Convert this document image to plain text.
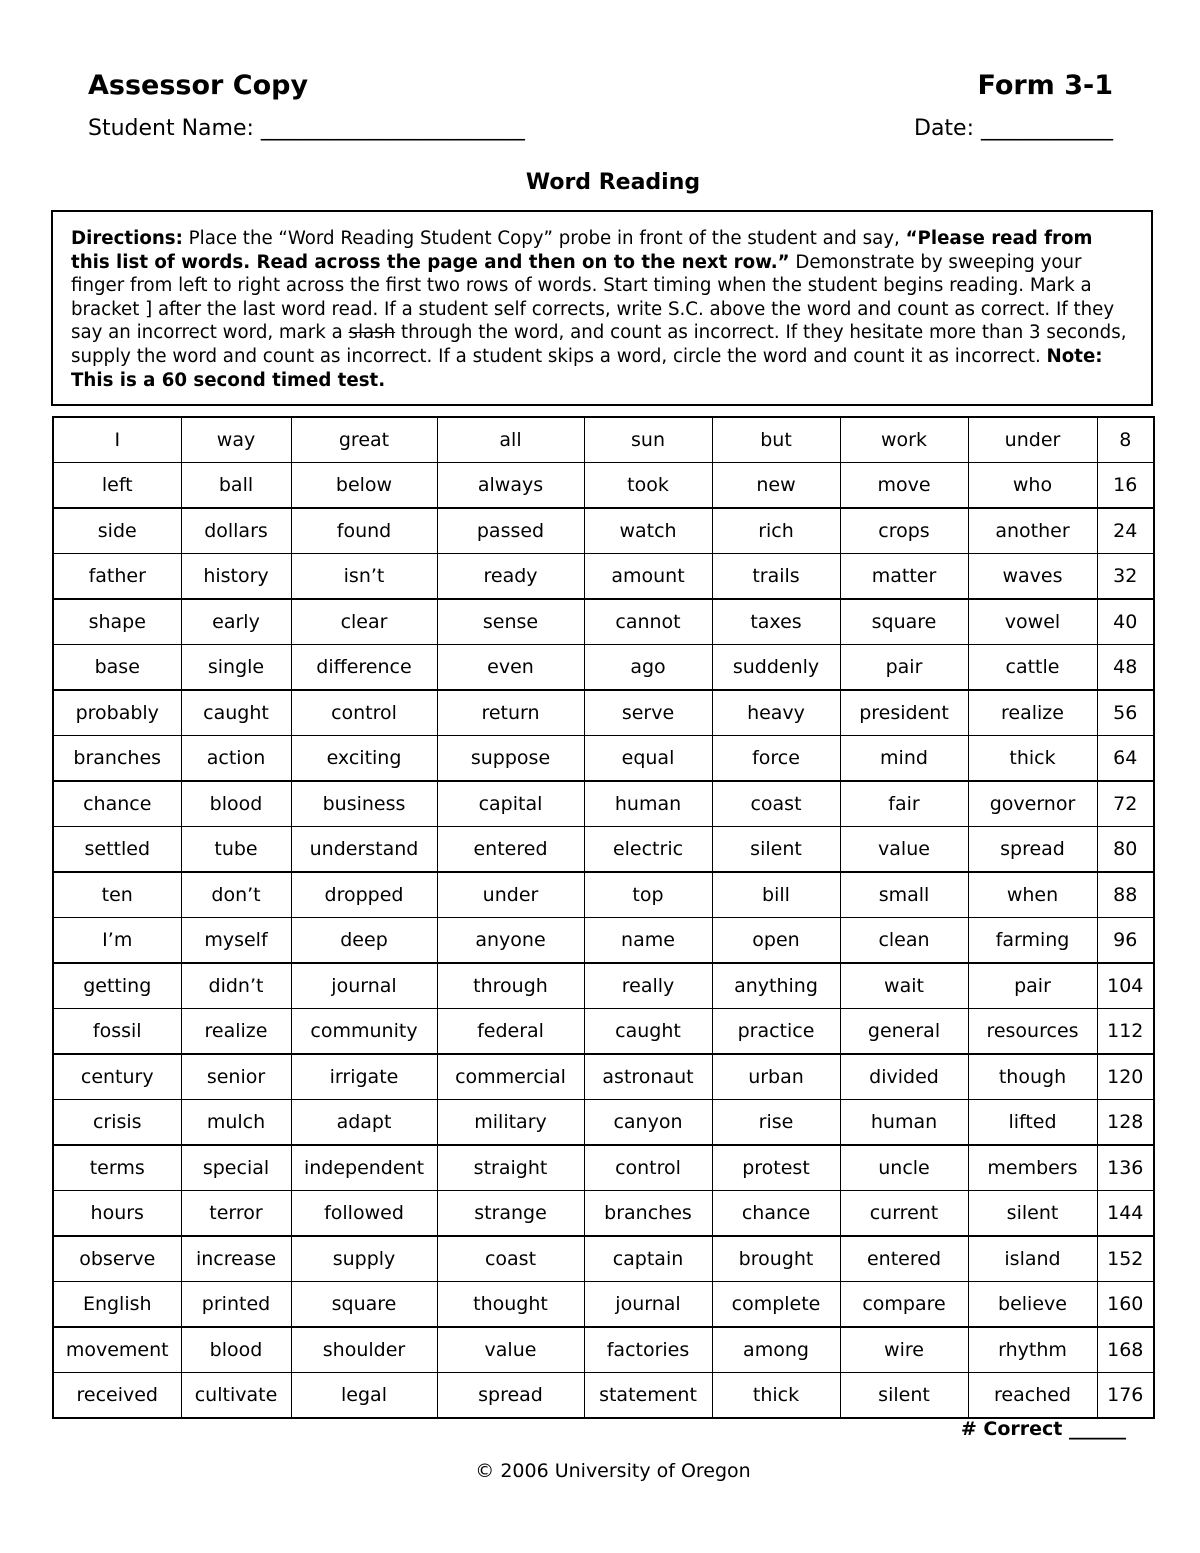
Assessor Copy	Form 3-1
Student Name: ________________________	Date: ____________
Word Reading
Directions: Place the “Word Reading Student Copy” probe in front of the student and say, “Please read from this list of words. Read across the page and then on to the next row.” Demonstrate by sweeping your finger from left to right across the first two rows of words. Start timing when the student begins reading. Mark a bracket ] after the last word read. If a student self corrects, write S.C. above the word and count as correct. If they say an incorrect word, mark a slash through the word, and count as incorrect. If they hesitate more than 3 seconds, supply the word and count as incorrect. If a student skips a word, circle the word and count it as incorrect. Note: This is a 60 second timed test.
I	way	great	all	sun	but	work	under	8
left	ball	below	always	took	new	move	who	16
side	dollars	found	passed	watch	rich	crops	another	24
father	history	isn’t	ready	amount	trails	matter	waves	32
shape	early	clear	sense	cannot	taxes	square	vowel	40
base	single	difference	even	ago	suddenly	pair	cattle	48
probably	caught	control	return	serve	heavy	president	realize	56
branches	action	exciting	suppose	equal	force	mind	thick	64
chance	blood	business	capital	human	coast	fair	governor	72
settled	tube	understand	entered	electric	silent	value	spread	80
ten	don’t	dropped	under	top	bill	small	when	88
I’m	myself	deep	anyone	name	open	clean	farming	96
getting	didn’t	journal	through	really	anything	wait	pair	104
fossil	realize	community	federal	caught	practice	general	resources	112
century	senior	irrigate	commercial	astronaut	urban	divided	though	120
crisis	mulch	adapt	military	canyon	rise	human	lifted	128
terms	special	independent	straight	control	protest	uncle	members	136
hours	terror	followed	strange	branches	chance	current	silent	144
observe	increase	supply	coast	captain	brought	entered	island	152
English	printed	square	thought	journal	complete	compare	believe	160
movement	blood	shoulder	value	factories	among	wire	rhythm	168
received	cultivate	legal	spread	statement	thick	silent	reached	176
# Correct ______
© 2006 University of Oregon
